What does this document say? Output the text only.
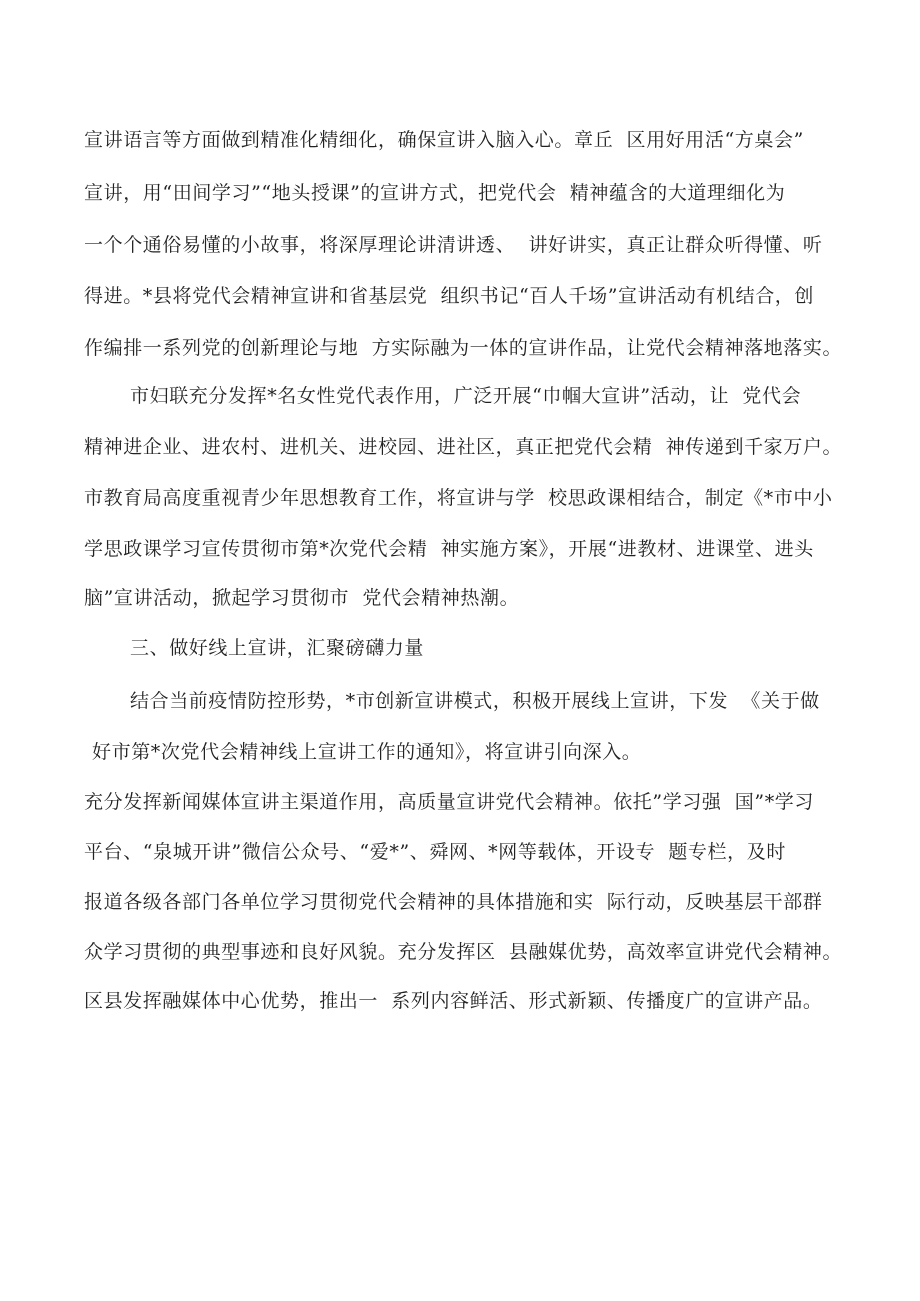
宣讲语言等方面做到精准化精细化，确保宣讲入脑入心。章丘  区用好用活“方桌会”
宣讲，用“田间学习”“地头授课”的宣讲方式，把党代会  精神蕴含的大道理细化为
一个个通俗易懂的小故事，将深厚理论讲清讲透、  讲好讲实，真正让群众听得懂、听
得进。*县将党代会精神宣讲和省基层党  组织书记“百人千场”宣讲活动有机结合，创
作编排一系列党的创新理论与地  方实际融为一体的宣讲作品，让党代会精神落地落实。
市妇联充分发挥*名女性党代表作用，广泛开展“巾帼大宣讲”活动，让  党代会
精神进企业、进农村、进机关、进校园、进社区，真正把党代会精  神传递到千家万户。
市教育局高度重视青少年思想教育工作，将宣讲与学  校思政课相结合，制定《*市中小
学思政课学习宣传贯彻市第*次党代会精  神实施方案》，开展“进教材、进课堂、进头
脑”宣讲活动，掀起学习贯彻市  党代会精神热潮。
三、做好线上宣讲，汇聚磅礴力量
结合当前疫情防控形势，*市创新宣讲模式，积极开展线上宣讲，下发  《关于做
好市第*次党代会精神线上宣讲工作的通知》，将宣讲引向深入。
充分发挥新闻媒体宣讲主渠道作用，高质量宣讲党代会精神。依托”学习强  国”*学习
平台、“泉城开讲”微信公众号、“爱*”、舜网、*网等载体，开设专  题专栏，及时
报道各级各部门各单位学习贯彻党代会精神的具体措施和实  际行动，反映基层干部群
众学习贯彻的典型事迹和良好风貌。充分发挥区  县融媒优势，高效率宣讲党代会精神。
区县发挥融媒体中心优势，推出一  系列内容鲜活、形式新颖、传播度广的宣讲产品。
